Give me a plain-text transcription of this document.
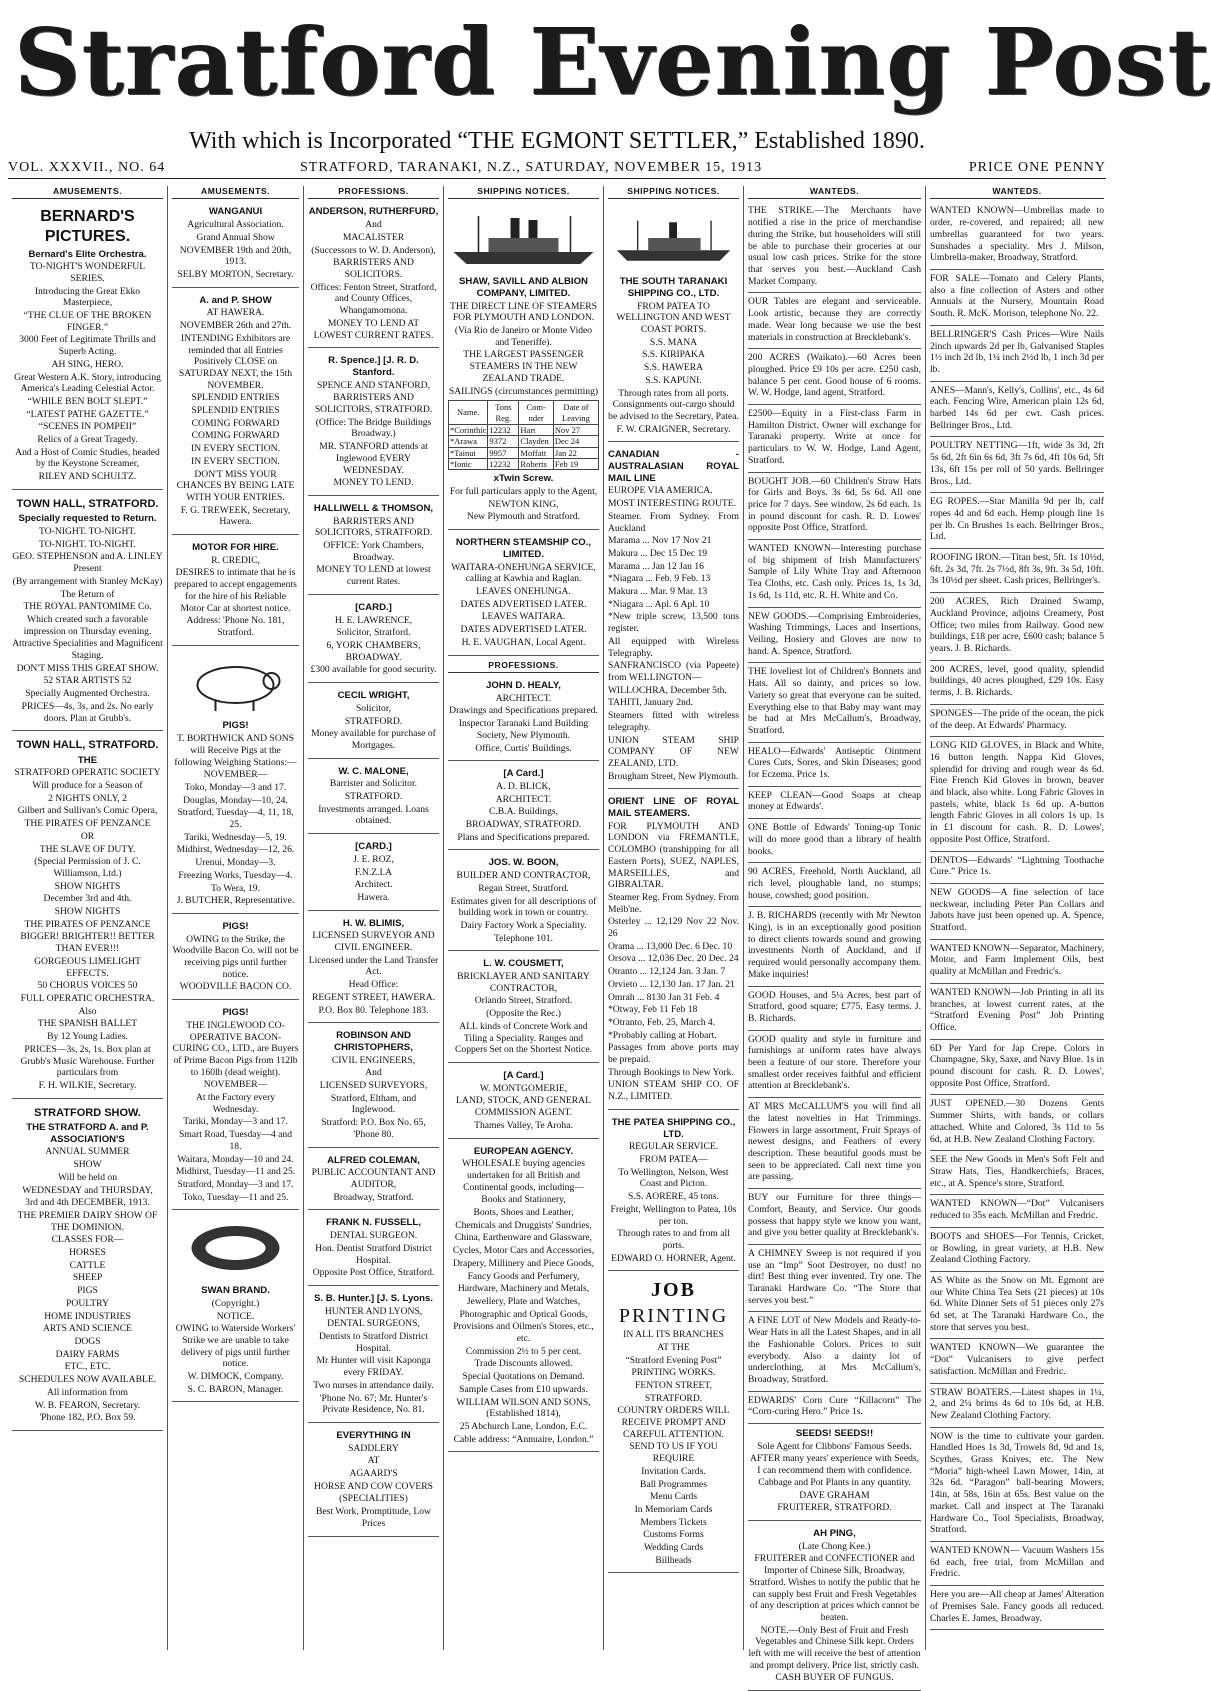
Stratford Evening Post
With which is Incorporated “THE EGMONT SETTLER,” Established 1890.
VOL. XXXVII., NO. 64	STRATFORD, TARANAKI, N.Z., SATURDAY, NOVEMBER 15, 1913	PRICE ONE PENNY
AMUSEMENTS.
BERNARD'S PICTURES.
Bernard's Elite Orchestra.
TO-NIGHT'S WONDERFUL SERIES.
Introducing the Great Ekko Masterpiece,
“THE CLUE OF THE BROKEN FINGER.”
3000 Feet of Legitimate Thrills and Superb Acting.
AH SING, HERO.
Great Western A.K. Story, introducing America's Leading Celestial Actor.
“WHILE BEN BOLT SLEPT.”
“LATEST PATHE GAZETTE.”
“SCENES IN POMPEII”
Relics of a Great Tragedy.
And a Host of Comic Studies, headed by the Keystone Screamer,
RILEY AND SCHULTZ.
TOWN HALL, STRATFORD.
Specially requested to Return.
TO-NIGHT. TO-NIGHT.
TO-NIGHT. TO-NIGHT.
GEO. STEPHENSON and A. LINLEY Present
(By arrangement with Stanley McKay)
The Return of
THE ROYAL PANTOMIME Co.
Which created such a favorable impression on Thursday evening.
Attractive Specialities and Magnificent Staging.
DON'T MISS THIS GREAT SHOW.
52 STAR ARTISTS 52
Specially Augmented Orchestra.
PRICES—4s, 3s, and 2s. No early doors. Plan at Grubb's.
TOWN HALL, STRATFORD.
THE
STRATFORD OPERATIC SOCIETY
Will produce for a Season of
2 NIGHTS ONLY, 2
Gilbert and Sullivan's Comic Opera,
THE PIRATES OF PENZANCE
OR
THE SLAVE OF DUTY.
(Special Permission of J. C. Williamson, Ltd.)
SHOW NIGHTS
December 3rd and 4th.
SHOW NIGHTS
THE PIRATES OF PENZANCE
BIGGER! BRIGHTER!! BETTER THAN EVER!!!
GORGEOUS LIMELIGHT EFFECTS.
50 CHORUS VOICES 50
FULL OPERATIC ORCHESTRA.
Also
THE SPANISH BALLET
By 12 Young Ladies.
PRICES—3s, 2s, 1s. Box plan at Grubb's Music Warehouse. Further particulars from
F. H. WILKIE, Secretary.
STRATFORD SHOW.
THE STRATFORD A. and P. ASSOCIATION'S
ANNUAL SUMMER
SHOW
Will be held on
WEDNESDAY and THURSDAY,
3rd and 4th DECEMBER, 1913.
THE PREMIER DAIRY SHOW OF THE DOMINION.
CLASSES FOR—
HORSES
CATTLE
SHEEP
PIGS
POULTRY
HOME INDUSTRIES
ARTS AND SCIENCE
DOGS
DAIRY FARMS
ETC., ETC.
SCHEDULES NOW AVAILABLE.
All information from
W. B. FEARON, Secretary.
'Phone 182, P.O. Box 59.
AMUSEMENTS.
WANGANUI
Agricultural Association.
Grand Annual Show
NOVEMBER 19th and 20th, 1913.
SELBY MORTON, Secretary.
A. and P. SHOW
AT HAWERA.
NOVEMBER 26th and 27th.
INTENDING Exhibitors are reminded that all Entries Positively CLOSE on SATURDAY NEXT, the 15th NOVEMBER.
SPLENDID ENTRIES
SPLENDID ENTRIES
COMING FORWARD
COMING FORWARD
IN EVERY SECTION.
IN EVERY SECTION.
DON'T MISS YOUR CHANCES BY BEING LATE WITH YOUR ENTRIES.
F. G. TREWEEK, Secretary, Hawera.
MOTOR FOR HIRE.
R. CREDIC,
DESIRES to intimate that he is prepared to accept engagements for the hire of his Reliable Motor Car at shortest notice.
Address: 'Phone No. 181, Stratford.
PIGS!
T. BORTHWICK AND SONS will Receive Pigs at the following Weighing Stations:—
NOVEMBER—
Toko, Monday—3 and 17.
Douglas, Monday—10, 24.
Stratford, Tuesday—4, 11, 18, 25.
Tariki, Wednesday—5, 19.
Midhirst, Wednesday—12, 26.
Urenui, Monday—3.
Freezing Works, Tuesday—4.
To Wera, 19.
J. BUTCHER, Representative.
PIGS!
OWING to the Strike, the Woodville Bacon Co. will not be receiving pigs until further notice.
WOODVILLE BACON CO.
PIGS!
THE INGLEWOOD CO-OPERATIVE BACON-CURING CO., LTD., are Buyers of Prime Bacon Pigs from 112lb to 160lb (dead weight).
NOVEMBER—
At the Factory every Wednesday.
Tariki, Monday—3 and 17.
Smart Road, Tuesday—4 and 18.
Waitara, Monday—10 and 24.
Midhirst, Tuesday—11 and 25.
Stratford, Monday—3 and 17.
Toko, Tuesday—11 and 25.
SWAN BRAND.
(Copyright.)
NOTICE.
OWING to Waterside Workers' Strike we are unable to take delivery of pigs until further notice.
W. DIMOCK, Company.
S. C. BARON, Manager.
PROFESSIONS.
ANDERSON, RUTHERFURD,
And
MACALISTER
(Successors to W. D. Anderson),
BARRISTERS AND SOLICITORS.
Offices: Fenton Street, Stratford, and County Offices, Whangamomona.
MONEY TO LEND AT LOWEST CURRENT RATES.
R. Spence.] [J. R. D. Stanford.
SPENCE AND STANFORD,
BARRISTERS AND SOLICITORS, STRATFORD.
(Office: The Bridge Buildings Broadway.)
MR. STANFORD attends at Inglewood EVERY WEDNESDAY.
MONEY TO LEND.
HALLIWELL & THOMSON,
BARRISTERS AND SOLICITORS, STRATFORD.
OFFICE: York Chambers, Broadway.
MONEY TO LEND at lowest current Rates.
[CARD.]
H. E. LAWRENCE,
Solicitor, Stratford.
6, YORK CHAMBERS, BROADWAY.
£300 available for good security.
CECIL WRIGHT,
Solicitor,
STRATFORD.
Money available for purchase of Mortgages.
W. C. MALONE,
Barrister and Solicitor.
STRATFORD.
Investments arranged. Loans obtained.
[CARD.]
J. E. ROZ,
F.N.Z.I.A
Architect.
Hawera.
H. W. BLIMIS,
LICENSED SURVEYOR AND CIVIL ENGINEER.
Licensed under the Land Transfer Act.
Head Office:
REGENT STREET, HAWERA.
P.O. Box 80. Telephone 183.
ROBINSON AND CHRISTOPHERS,
CIVIL ENGINEERS,
And
LICENSED SURVEYORS,
Stratford, Eltham, and Inglewood.
Stratford: P.O. Box No. 65, 'Phone 80.
ALFRED COLEMAN,
PUBLIC ACCOUNTANT AND AUDITOR,
Broadway, Stratford.
FRANK N. FUSSELL,
DENTAL SURGEON.
Hon. Dentist Stratford District Hospital.
Opposite Post Office, Stratford.
S. B. Hunter.] [J. S. Lyons.
HUNTER AND LYONS,
DENTAL SURGEONS,
Dentists to Stratford District Hospital.
Mr Hunter will visit Kaponga every FRIDAY.
Two nurses in attendance daily.
'Phone No. 67; Mr. Hunter's Private Residence, No. 81.
EVERYTHING IN
SADDLERY
AT
AGAARD'S
HORSE AND COW COVERS
(SPECIALITIES)
Best Work, Promptitude, Low Prices
SHIPPING NOTICES.
SHAW, SAVILL AND ALBION COMPANY, LIMITED.
THE DIRECT LINE OF STEAMERS FOR PLYMOUTH AND LONDON.
(Via Rio de Janeiro or Monte Video and Teneriffe).
THE LARGEST PASSENGER STEAMERS IN THE NEW ZEALAND TRADE.
SAILINGS (circumstances permitting)
Name.	Tons Reg.	Com-nder	Date of Leaving
*Corinthic	12232	Hart	Nov 27
*Arawa	9372	Clayden	Dec 24
*Tainui	9957	Moffatt	Jan 22
*Ionic	12232	Roberts	Feb 19
xTwin Screw.
For full particulars apply to the Agent,
NEWTON KING,
New Plymouth and Stratford.
NORTHERN STEAMSHIP CO., LIMITED.
WAITARA-ONEHUNGA SERVICE, calling at Kawhia and Raglan.
LEAVES ONEHUNGA.
DATES ADVERTISED LATER.
LEAVES WAITARA.
DATES ADVERTISED LATER.
H. E. VAUGHAN, Local Agent.
PROFESSIONS.
JOHN D. HEALY,
ARCHITECT.
Drawings and Specifications prepared.
Inspector Taranaki Land Building Society, New Plymouth.
Office, Curtis' Buildings.
[A Card.]
A. D. BLICK,
ARCHITECT.
C.B.A. Buildings,
BROADWAY, STRATFORD.
Plans and Specifications prepared.
JOS. W. BOON,
BUILDER AND CONTRACTOR,
Regan Street, Stratford.
Estimates given for all descriptions of building work in town or country.
Dairy Factory Work a Speciality.
Telephone 101.
L. W. COUSMETT,
BRICKLAYER AND SANITARY CONTRACTOR,
Orlando Street, Stratford.
(Opposite the Rec.)
ALL kinds of Concrete Work and Tiling a Speciality. Ranges and Coppers Set on the Shortest Notice.
[A Card.]
W. MONTGOMERIE,
LAND, STOCK, AND GENERAL COMMISSION AGENT.
Thames Valley, Te Aroha.
EUROPEAN AGENCY.
WHOLESALE buying agencies undertaken for all British and Continental goods, including—
Books and Stationery,
Boots, Shoes and Leather,
Chemicals and Druggists' Sundries,
China, Earthenware and Glassware,
Cycles, Motor Cars and Accessories,
Drapery, Millinery and Piece Goods,
Fancy Goods and Perfumery,
Hardware, Machinery and Metals,
Jewellery, Plate and Watches,
Photographic and Optical Goods,
Provisions and Oilmen's Stores, etc., etc.
Commission 2½ to 5 per cent.
Trade Discounts allowed.
Special Quotations on Demand.
Sample Cases from £10 upwards.
WILLIAM WILSON AND SONS, (Established 1814),
25 Abchurch Lane, London, E.C.
Cable address: “Annuaire, London.”
SHIPPING NOTICES.
THE SOUTH TARANAKI SHIPPING CO., LTD.
FROM PATEA TO WELLINGTON AND WEST COAST PORTS.
S.S. MANA
S.S. KIRIPAKA
S.S. HAWERA
S.S. KAPUNI.
Through rates from all ports. Consignments out-cargo should be advised to the Secretary, Patea.
F. W. CRAIGNER, Secretary.
CANADIAN - AUSTRALASIAN ROYAL MAIL LINE
EUROPE VIA AMERICA.
MOST INTERESTING ROUTE.
Steamer. From Sydney. From Auckland
Marama ... Nov 17 Nov 21
Makura ... Dec 15 Dec 19
Marama ... Jan 12 Jan 16
*Niagara ... Feb. 9 Feb. 13
Makura ... Mar. 9 Mar. 13
*Niagara ... Apl. 6 Apl. 10
*New triple screw, 13,500 tons register.
All equipped with Wireless Telegraphy.
SANFRANCISCO (via Papeete) from WELLINGTON—
WILLOCHRA, December 5th.
TAHITI, January 2nd.
Steamers fitted with wireless telegraphy.
UNION STEAM SHIP COMPANY OF NEW ZEALAND, LTD.
Brougham Street, New Plymouth.
ORIENT LINE OF ROYAL MAIL STEAMERS.
FOR PLYMOUTH AND LONDON via FREMANTLE, COLOMBO (transhipping for all Eastern Ports), SUEZ, NAPLES, MARSEILLES, and GIBRALTAR.
Steamer Reg. From Sydney. From Melb'ne.
Osterley ... 12,129 Nov 22 Nov. 26
Orama ... 13,000 Dec. 6 Dec. 10
Orsova ... 12,036 Dec. 20 Dec. 24
Otranto ... 12,124 Jan. 3 Jan. 7
Orvieto ... 12,130 Jan. 17 Jan. 21
Omrah ... 8130 Jan 31 Feb. 4
*Otway, Feb 11 Feb 18
*Otranto, Feb. 25, March 4.
*Probably calling at Hobart.
Passages from above ports may be prepaid.
Through Bookings to New York.
UNION STEAM SHIP CO. OF N.Z., LIMITED.
THE PATEA SHIPPING CO., LTD.
REGULAR SERVICE.
FROM PATEA—
To Wellington, Nelson, West Coast and Picton.
S.S. AORERE, 45 tons.
Freight, Wellington to Patea, 10s per ton.
Through rates to and from all ports.
EDWARD O. HORNER, Agent.
JOB
PRINTING
IN ALL ITS BRANCHES
AT THE
“Stratford Evening Post”
PRINTING WORKS.
FENTON STREET,
STRATFORD.
COUNTRY ORDERS WILL RECEIVE PROMPT AND CAREFUL ATTENTION.
SEND TO US IF YOU REQUIRE
Invitation Cards.
Ball Programmes
Menu Cards
In Memoriam Cards
Members Tickets
Customs Forms
Wedding Cards
Billheads
WANTEDS.
THE STRIKE.—The Merchants have notified a rise in the price of merchandise during the Strike, but householders will still be able to purchase their groceries at our usual low cash prices. Strike for the store that serves you best.—Auckland Cash Market Company.
OUR Tables are elegant and serviceable. Look artistic, because they are correctly made. Wear long because we use the best materials in construction at Brecklebank's.
200 ACRES (Waikato).—60 Acres been ploughed. Price £9 10s per acre. £250 cash, balance 5 per cent. Good house of 6 rooms. W. W. Hodge, land agent, Stratford.
£2500—Equity in a First-class Farm in Hamilton District. Owner will exchange for Taranaki property. Write at once for particulars to W. W. Hodge, Land Agent, Stratford.
BOUGHT JOB.—60 Children's Straw Hats for Girls and Boys. 3s 6d, 5s 6d. All one price for 7 days. See window, 2s 6d each. 1s in pound discount for cash. R. D. Lowes' opposite Post Office, Stratford.
WANTED KNOWN—Interesting purchase of big shipment of Irish Manufacturers' Sample of Lily White Tray and Afternoon Tea Cloths, etc. Cash only. Prices 1s, 1s 3d, 1s 6d, 1s 11d, etc. R. H. White and Co.
NEW GOODS.—Comprising Embroideries, Washing Trimmings, Laces and Insertions, Veiling, Hosiery and Gloves are now to hand. A. Spence, Stratford.
THE loveliest lot of Children's Bonnets and Hats. All so dainty, and prices so low. Variety so great that everyone can be suited. Everything else to that Baby may want may be had at Mrs McCallum's, Broadway, Stratford.
HEALO—Edwards' Antiseptic Ointment Cures Cuts, Sores, and Skin Diseases; good for Eczema. Price 1s.
KEEP CLEAN—Good Soaps at cheap money at Edwards'.
ONE Bottle of Edwards' Toning-up Tonic will do more good than a library of health books.
90 ACRES, Freehold, North Auckland, all rich level, ploughable land, no stumps; house, cowshed; good position.
J. B. RICHARDS (recently with Mr Newton King), is in an exceptionally good position to direct clients towards sound and growing investments North of Auckland, and if required would personally accompany them. Make inquiries!
GOOD Houses, and 5¼ Acres, best part of Stratford, good square; £775. Easy terms. J. B. Richards.
GOOD quality and style in furniture and furnishings at uniform rates have always been a feature of our store. Therefore your smallest order receives faithful and efficient attention at Brecklebank's.
AT MRS McCALLUM'S you will find all the latest novelties in Hat Trimmings. Flowers in large assortment, Fruit Sprays of newest designs, and Feathers of every description. These beautiful goods must be seen to be appreciated. Call next time you are passing.
BUY our Furniture for three things—Comfort, Beauty, and Service. Our goods possess that happy style we know you want, and give you better quality at Brecklebank's.
A CHIMNEY Sweep is not required if you use an “Imp” Soot Destroyer, no dust! no dirt! Best thing ever invented. Try one. The Taranaki Hardware Co. “The Store that serves you best.”
A FINE LOT of New Models and Ready-to-Wear Hats in all the Latest Shapes, and in all the Fashionable Colors. Prices to suit everybody. Also a dainty lot of underclothing, at Mrs McCallum's, Broadway, Stratford.
EDWARDS' Corn Cure “Killacorn” The “Corn-curing Hero.” Price 1s.
SEEDS! SEEDS!!
Sole Agent for Clibbons' Famous Seeds.
AFTER many years' experience with Seeds, I can recommend them with confidence. Cabbage and Pot Plants in any quantity.
DAVE GRAHAM
FRUITERER, STRATFORD.
AH PING,
(Late Chong Kee.)
FRUITERER and CONFECTIONER and Importer of Chinese Silk, Broadway, Stratford. Wishes to notify the public that he can supply best Fruit and Fresh Vegetables of any description at prices which cannot be beaten.
NOTE.—Only Best of Fruit and Fresh Vegetables and Chinese Silk kept. Orders left with me will receive the best of attention and prompt delivery. Price list, strictly cash.
CASH BUYER OF FUNGUS.
WANTEDS.
WANTED KNOWN—Umbrellas made to order, re-covered, and repaired; all new umbrellas guaranteed for two years. Sunshades a speciality. Mrs J. Milson, Umbrella-maker, Broadway, Stratford.
FOR SALE—Tomato and Celery Plants, also a fine collection of Asters and other Annuals at the Nursery, Mountain Road South. R. McK. Morison, telephone No. 22.
BELLRINGER'S Cash Prices—Wire Nails 2inch upwards 2d per lb, Galvanised Staples 1½ inch 2d lb, 1¼ inch 2½d lb, 1 inch 3d per lb.
ANES—Mann's, Kelly's, Collins', etc., 4s 6d each. Fencing Wire, American plain 12s 6d, barbed 14s 6d per cwt. Cash prices. Bellringer Bros., Ltd.
POULTRY NETTING—1ft, wide 3s 3d, 2ft 5s 6d, 2ft 6in 6s 6d, 3ft 7s 6d, 4ft 10s 6d, 5ft 13s, 6ft 15s per roll of 50 yards. Bellringer Bros., Ltd.
EG ROPES.—Star Manilla 9d per lb, calf ropes 4d and 6d each. Hemp plough line 1s per lb. Cn Brushes 1s each. Bellringer Bros., Ltd.
ROOFING IRON.—Titan best, 5ft. 1s 10½d, 6ft. 2s 3d, 7ft. 2s 7½d, 8ft 3s, 9ft. 3s 5d, 10ft. 3s 10½d per sheet. Cash prices, Bellringer's.
200 ACRES, Rich Drained Swamp, Auckland Province, adjoins Creamery, Post Office; two miles from Railway. Good new buildings, £18 per acre, £600 cash; balance 5 years. J. B. Richards.
200 ACRES, level, good quality, splendid buildings, 40 acres ploughed, £29 10s. Easy terms, J. B. Richards.
SPONGES—The pride of the ocean, the pick of the deep. At Edwards' Pharmacy.
LONG KID GLOVES, in Black and White, 16 button length. Nappa Kid Gloves, splendid for driving and rough wear 4s 6d. Fine French Kid Gloves in brown, beaver and black, also white. Long Fabric Gloves in pastels, white, black 1s 6d up. A-button length Fabric Gloves in all colors 1s up. 1s in £1 discount for cash. R. D. Lowes', opposite Post Office, Stratford.
DENTOS—Edwards' “Lightning Toothache Cure.” Price 1s.
NEW GOODS—A fine selection of lace neckwear, including Peter Pan Collars and Jabots have just been opened up. A. Spence, Stratford.
WANTED KNOWN—Separator, Machinery, Motor, and Farm Implement Oils, best quality at McMillan and Fredric's.
WANTED KNOWN—Job Printing in all its branches, at lowest current rates, at the “Stratford Evening Post” Job Printing Office.
6D Per Yard for Jap Crepe. Colors in Champagne, Sky, Saxe, and Navy Blue. 1s in pound discount for cash. R. D. Lowes', opposite Post Office, Stratford.
JUST OPENED.—30 Dozens Gents Summer Shirts, with bands, or collars attached. White and Colored, 3s 11d to 5s 6d, at H.B. New Zealand Clothing Factory.
SEE the New Goods in Men's Soft Felt and Straw Hats, Ties, Handkerchiefs, Braces, etc., at A. Spence's store, Stratford.
WANTED KNOWN—“Dot” Vulcanisers reduced to 35s each. McMillan and Fredric.
BOOTS and SHOES—For Tennis, Cricket, or Bowling, in great variety, at H.B. New Zealand Clothing Factory.
AS White as the Snow on Mt. Egmont are our White China Tea Sets (21 pieces) at 10s 6d. White Dinner Sets of 51 pieces only 27s 6d set, at The Taranaki Hardware Co., the store that serves you best.
WANTED KNOWN—We guarantee the “Dot” Vulcanisers to give perfect satisfaction. McMillan and Fredric.
STRAW BOATERS.—Latest shapes in 1¼, 2, and 2¼ brims 4s 6d to 10s 6d, at H.B. New Zealand Clothing Factory.
NOW is the time to cultivate your garden. Handled Hoes 1s 3d, Trowels 8d, 9d and 1s, Scythes, Grass Knives, etc. The New “Moria” high-wheel Lawn Mower, 14in, at 32s 6d. “Paragon” ball-bearing Mowers, 14in, at 58s, 16in at 65s. Best value on the market. Call and inspect at The Taranaki Hardware Co., Tool Specialists, Broadway, Stratford.
WANTED KNOWN— Vacuum Washers 15s 6d each, free trial, from McMillan and Fredric.
Here you are—All cheap at James' Alteration of Premises Sale. Fancy goods all reduced. Charles E. James, Broadway.
